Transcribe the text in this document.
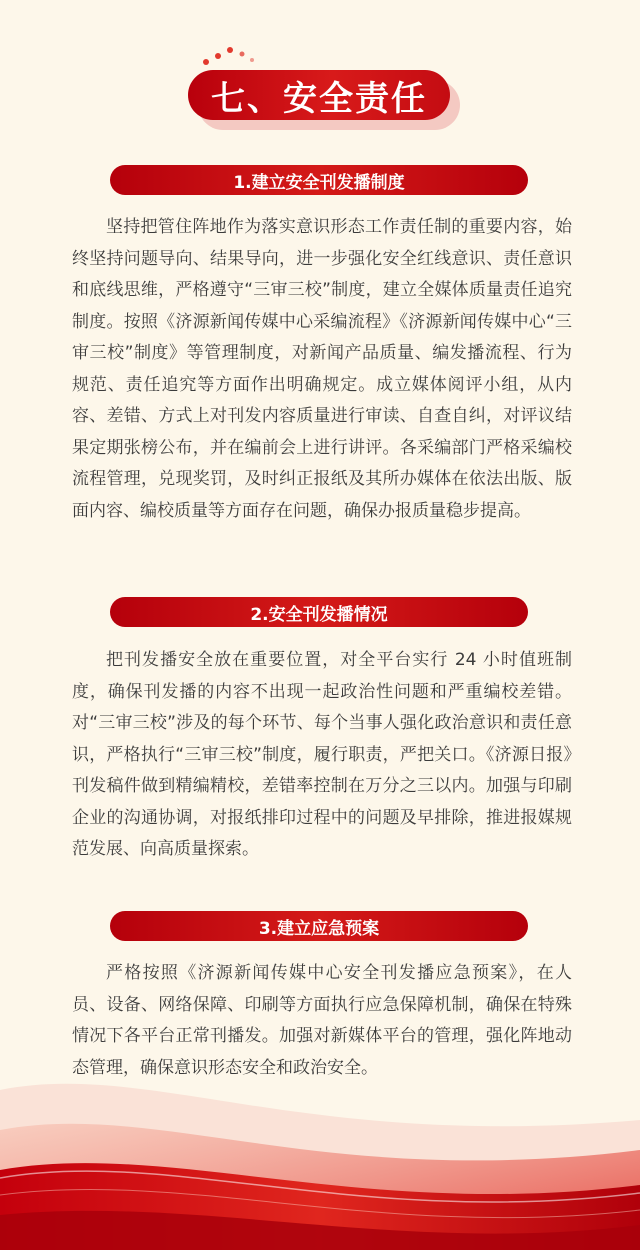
七、安全责任
1.建立安全刊发播制度
坚持把管住阵地作为落实意识形态工作责任制的重要内容，始终坚持问题导向、结果导向，进一步强化安全红线意识、责任意识和底线思维，严格遵守“三审三校”制度，建立全媒体质量责任追究制度。按照《济源新闻传媒中心采编流程》《济源新闻传媒中心“三审三校”制度》等管理制度，对新闻产品质量、编发播流程、行为规范、责任追究等方面作出明确规定。成立媒体阅评小组，从内容、差错、方式上对刊发内容质量进行审读、自查自纠，对评议结果定期张榜公布，并在编前会上进行讲评。各采编部门严格采编校流程管理，兑现奖罚，及时纠正报纸及其所办媒体在依法出版、版面内容、编校质量等方面存在问题，确保办报质量稳步提高。
2.安全刊发播情况
把刊发播安全放在重要位置，对全平台实行 24 小时值班制度，确保刊发播的内容不出现一起政治性问题和严重编校差错。对“三审三校”涉及的每个环节、每个当事人强化政治意识和责任意识，严格执行“三审三校”制度，履行职责，严把关口。《济源日报》刊发稿件做到精编精校，差错率控制在万分之三以内。加强与印刷企业的沟通协调，对报纸排印过程中的问题及早排除，推进报媒规范发展、向高质量探索。
3.建立应急预案
严格按照《济源新闻传媒中心安全刊发播应急预案》，在人员、设备、网络保障、印刷等方面执行应急保障机制，确保在特殊情况下各平台正常刊播发。加强对新媒体平台的管理，强化阵地动态管理，确保意识形态安全和政治安全。
